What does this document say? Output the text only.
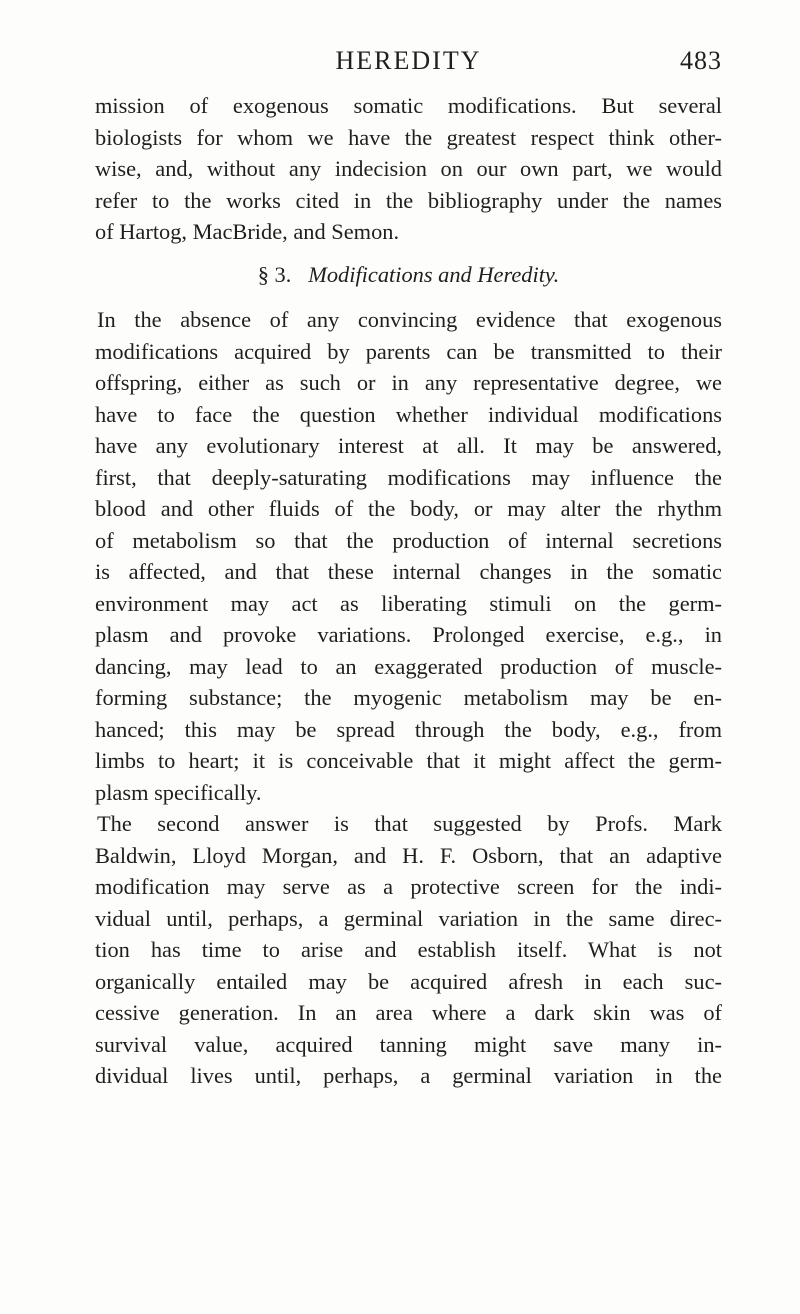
HEREDITY	483
mission of exogenous somatic modifications. But several
biologists for whom we have the greatest respect think other-
wise, and, without any indecision on our own part, we would
refer to the works cited in the bibliography under the names
of Hartog, MacBride, and Semon.
§ 3. Modifications and Heredity.
In the absence of any convincing evidence that exogenous
modifications acquired by parents can be transmitted to their
offspring, either as such or in any representative degree, we
have to face the question whether individual modifications
have any evolutionary interest at all. It may be answered,
first, that deeply-saturating modifications may influence the
blood and other fluids of the body, or may alter the rhythm
of metabolism so that the production of internal secretions
is affected, and that these internal changes in the somatic
environment may act as liberating stimuli on the germ-
plasm and provoke variations. Prolonged exercise, e.g., in
dancing, may lead to an exaggerated production of muscle-
forming substance; the myogenic metabolism may be en-
hanced; this may be spread through the body, e.g., from
limbs to heart; it is conceivable that it might affect the germ-
plasm specifically.
The second answer is that suggested by Profs. Mark
Baldwin, Lloyd Morgan, and H. F. Osborn, that an adaptive
modification may serve as a protective screen for the indi-
vidual until, perhaps, a germinal variation in the same direc-
tion has time to arise and establish itself. What is not
organically entailed may be acquired afresh in each suc-
cessive generation. In an area where a dark skin was of
survival value, acquired tanning might save many in-
dividual lives until, perhaps, a germinal variation in the
